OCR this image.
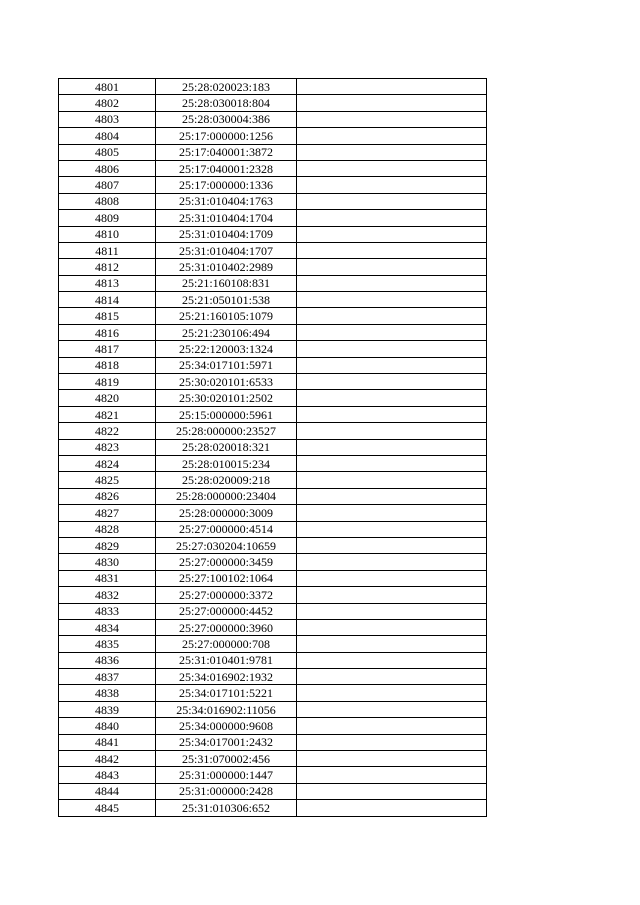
4801	25:28:020023:183	
4802	25:28:030018:804	
4803	25:28:030004:386	
4804	25:17:000000:1256	
4805	25:17:040001:3872	
4806	25:17:040001:2328	
4807	25:17:000000:1336	
4808	25:31:010404:1763	
4809	25:31:010404:1704	
4810	25:31:010404:1709	
4811	25:31:010404:1707	
4812	25:31:010402:2989	
4813	25:21:160108:831	
4814	25:21:050101:538	
4815	25:21:160105:1079	
4816	25:21:230106:494	
4817	25:22:120003:1324	
4818	25:34:017101:5971	
4819	25:30:020101:6533	
4820	25:30:020101:2502	
4821	25:15:000000:5961	
4822	25:28:000000:23527	
4823	25:28:020018:321	
4824	25:28:010015:234	
4825	25:28:020009:218	
4826	25:28:000000:23404	
4827	25:28:000000:3009	
4828	25:27:000000:4514	
4829	25:27:030204:10659	
4830	25:27:000000:3459	
4831	25:27:100102:1064	
4832	25:27:000000:3372	
4833	25:27:000000:4452	
4834	25:27:000000:3960	
4835	25:27:000000:708	
4836	25:31:010401:9781	
4837	25:34:016902:1932	
4838	25:34:017101:5221	
4839	25:34:016902:11056	
4840	25:34:000000:9608	
4841	25:34:017001:2432	
4842	25:31:070002:456	
4843	25:31:000000:1447	
4844	25:31:000000:2428	
4845	25:31:010306:652	
